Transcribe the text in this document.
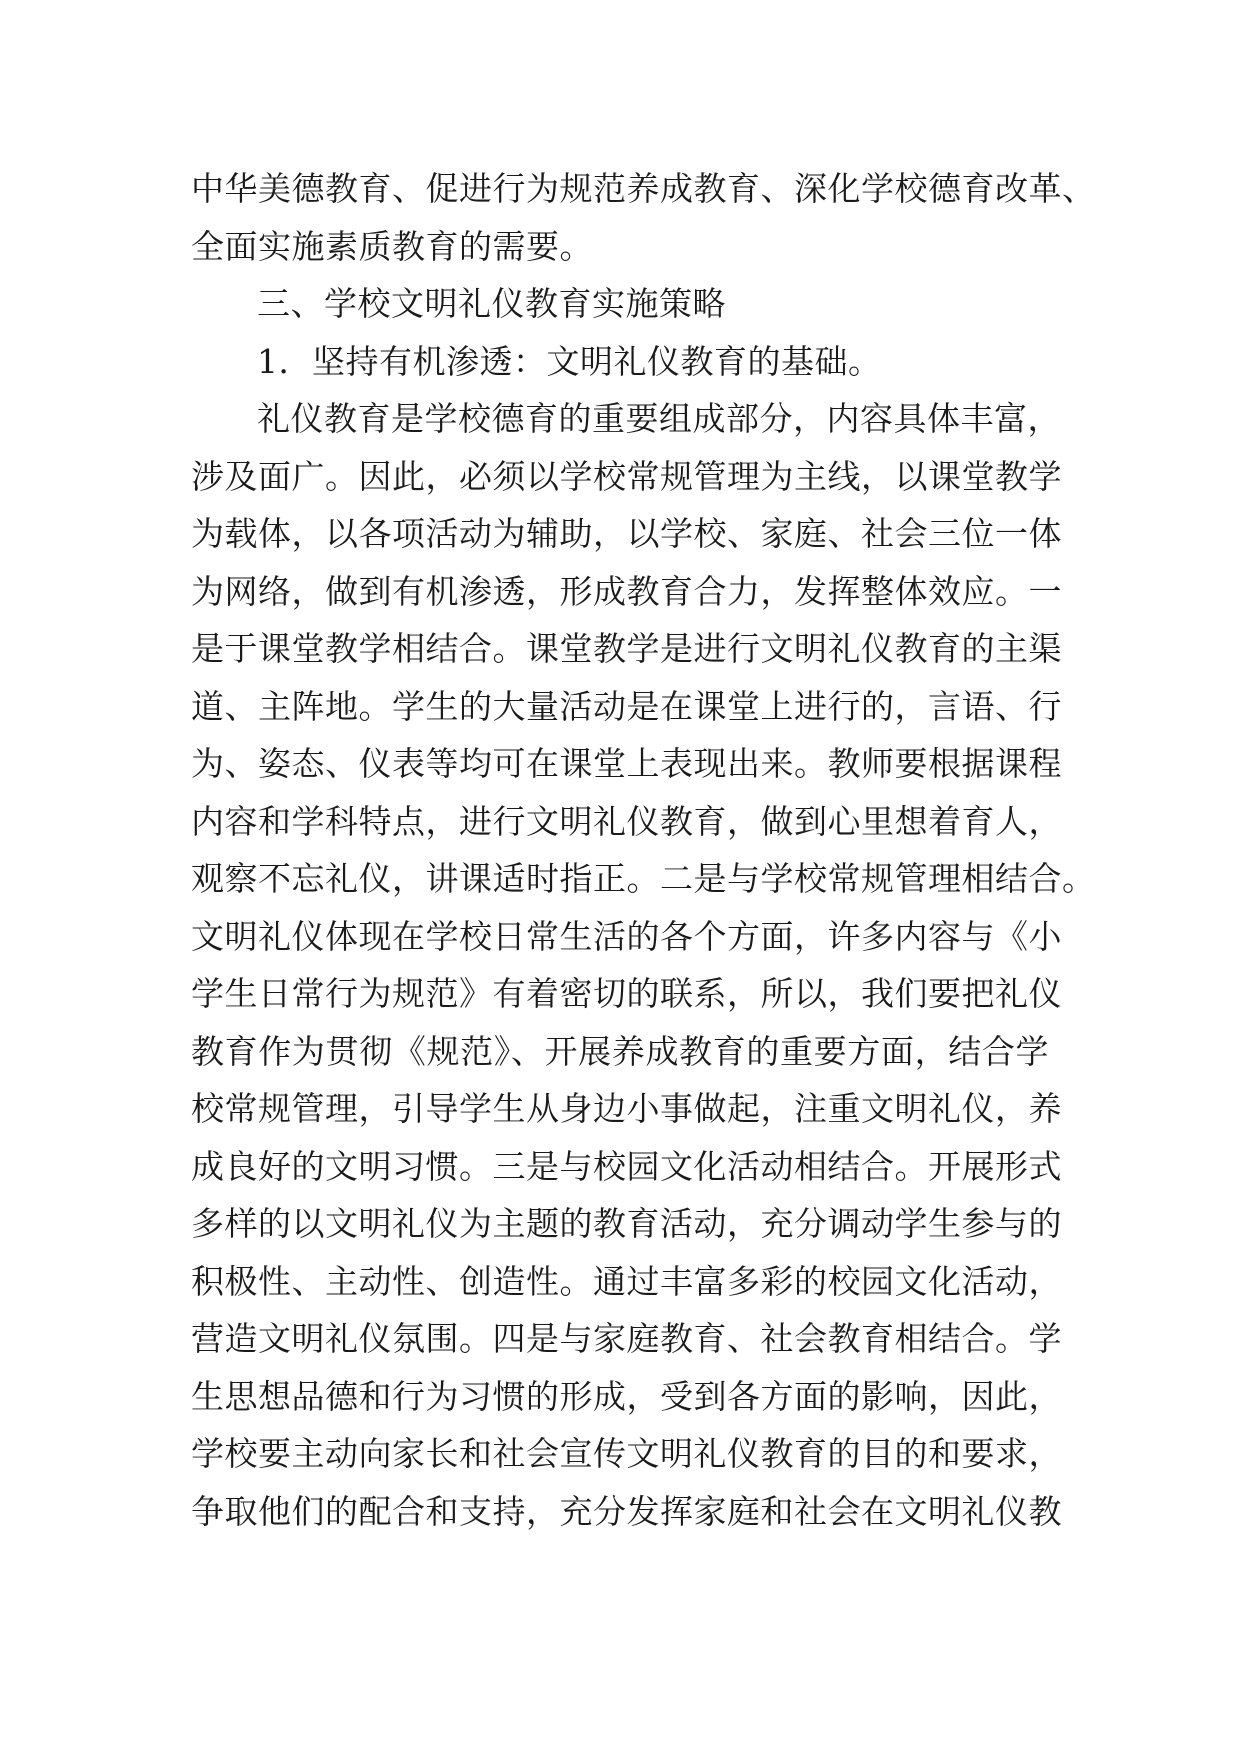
中华美德教育、促进行为规范养成教育、深化学校德育改革、
全面实施素质教育的需要。
三、学校文明礼仪教育实施策略
1．坚持有机渗透：文明礼仪教育的基础。
礼仪教育是学校德育的重要组成部分，内容具体丰富，
涉及面广。因此，必须以学校常规管理为主线，以课堂教学
为载体，以各项活动为辅助，以学校、家庭、社会三位一体
为网络，做到有机渗透，形成教育合力，发挥整体效应。一
是于课堂教学相结合。课堂教学是进行文明礼仪教育的主渠
道、主阵地。学生的大量活动是在课堂上进行的，言语、行
为、姿态、仪表等均可在课堂上表现出来。教师要根据课程
内容和学科特点，进行文明礼仪教育，做到心里想着育人，
观察不忘礼仪，讲课适时指正。二是与学校常规管理相结合。
文明礼仪体现在学校日常生活的各个方面，许多内容与《小
学生日常行为规范》有着密切的联系，所以，我们要把礼仪
教育作为贯彻《规范》、开展养成教育的重要方面，结合学
校常规管理，引导学生从身边小事做起，注重文明礼仪，养
成良好的文明习惯。三是与校园文化活动相结合。开展形式
多样的以文明礼仪为主题的教育活动，充分调动学生参与的
积极性、主动性、创造性。通过丰富多彩的校园文化活动，
营造文明礼仪氛围。四是与家庭教育、社会教育相结合。学
生思想品德和行为习惯的形成，受到各方面的影响，因此，
学校要主动向家长和社会宣传文明礼仪教育的目的和要求，
争取他们的配合和支持，充分发挥家庭和社会在文明礼仪教
